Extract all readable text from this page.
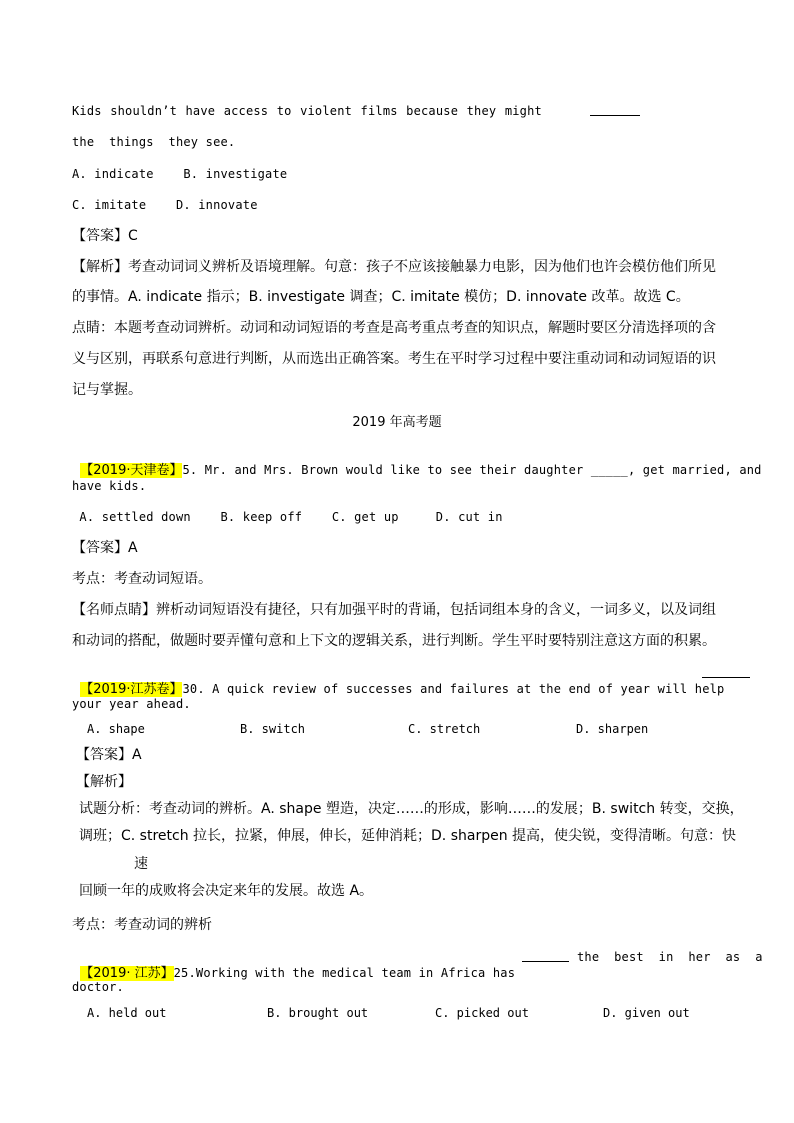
Kids shouldn’t have access to violent films because they might
the  things  they see.
A. indicate    B. investigate
C. imitate    D. innovate
【答案】C
【解析】考查动词词义辨析及语境理解。句意：孩子不应该接触暴力电影，因为他们也许会模仿他们所见
的事情。A. indicate 指示；B. investigate 调查；C. imitate 模仿；D. innovate 改革。故选 C。
点睛：本题考查动词辨析。动词和动词短语的考查是高考重点考查的知识点，解题时要区分清选择项的含
义与区别，再联系句意进行判断，从而选出正确答案。考生在平时学习过程中要注重动词和动词短语的识
记与掌握。
2019 年高考题

【2019·天津卷】5. Mr. and Mrs. Brown would like to see their daughter _____, get married, and

have kids.
A. settled down    B. keep off    C. get up     D. cut in
【答案】A
考点：考查动词短语。
【名师点睛】辨析动词短语没有捷径，只有加强平时的背诵，包括词组本身的含义，一词多义，以及词组
和动词的搭配，做题时要弄懂句意和上下文的逻辑关系，进行判断。学生平时要特别注意这方面的积累。

【2019·江苏卷】30. A quick review of successes and failures at the end of year will help

your year ahead.

A. shape

	B. switch

	C. stretch

	D. sharpen

【答案】A
【解析】
试题分析：考查动词的辨析。A. shape 塑造，决定……的形成，影响……的发展；B. switch 转变，交换，
调班；C. stretch 拉长，拉紧，伸展，伸长，延伸消耗；D. sharpen 提高，使尖锐，变得清晰。句意：快
速
回顾一年的成败将会决定来年的发展。故选 A。
考点：考查动词的辨析

【2019· 江苏】25.Working with the medical team in Africa has

the  best  in  her  as  a
doctor.

A. held out

	B. brought out

	C. picked out

	D. given out
